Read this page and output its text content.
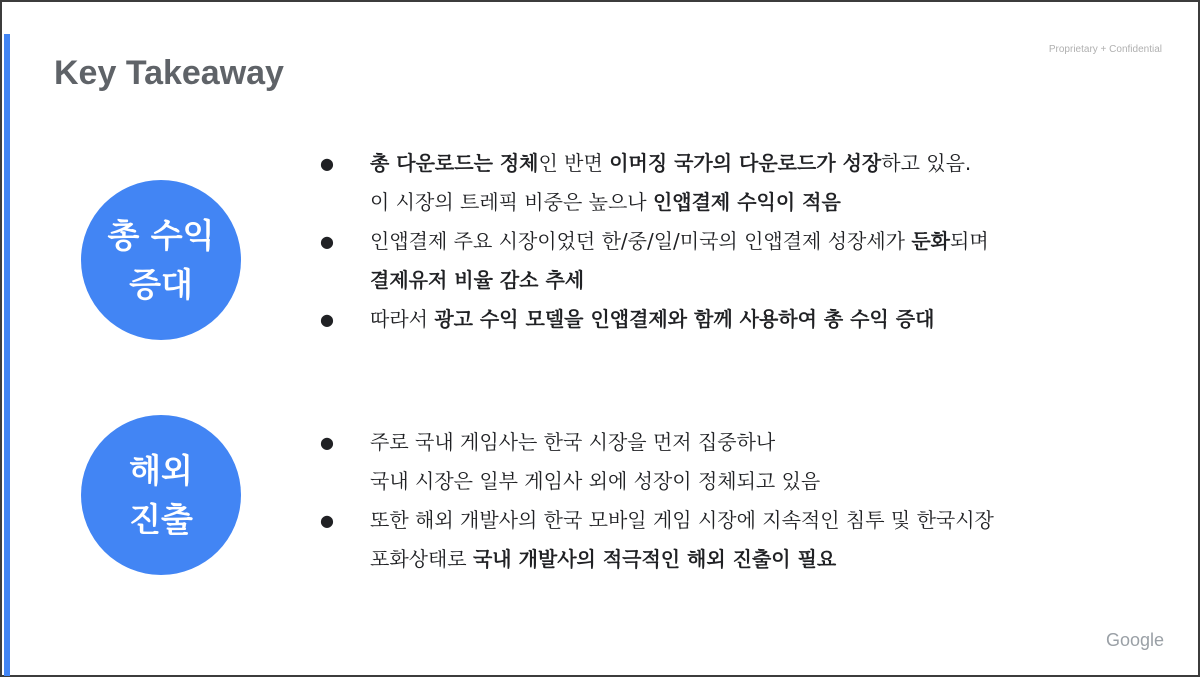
Proprietary + Confidential
Key Takeaway
총 수익
증대
●	총 다운로드는 정체인 반면 이머징 국가의 다운로드가 성장하고 있음.
이 시장의 트레픽 비중은 높으나 인앱결제 수익이 적음
●	인앱결제 주요 시장이었던 한/중/일/미국의 인앱결제 성장세가 둔화되며
결제유저 비율 감소 추세
●	따라서 광고 수익 모델을 인앱결제와 함께 사용하여 총 수익 증대
해외
진출
●	주로 국내 게임사는 한국 시장을 먼저 집중하나
국내 시장은 일부 게임사 외에 성장이 정체되고 있음
●	또한 해외 개발사의 한국 모바일 게임 시장에 지속적인 침투 및 한국시장
포화상태로 국내 개발사의 적극적인 해외 진출이 필요
Google
